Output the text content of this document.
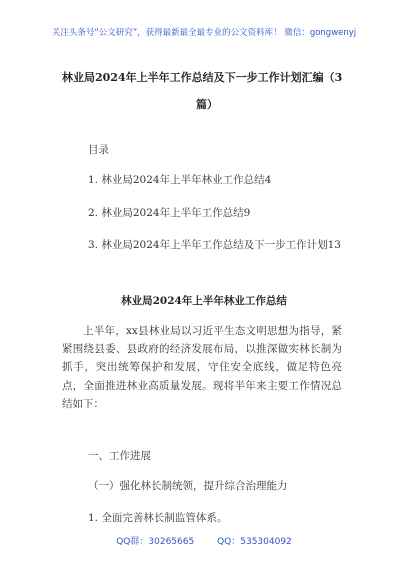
关注头条号“公文研究”，获得最新最全最专业的公文资料库！ 微信：gongwenyj
林业局2024年上半年工作总结及下一步工作计划汇编（3
篇）
目录
1. 林业局2024年上半年林业工作总结4
2. 林业局2024年上半年工作总结9
3. 林业局2024年上半年工作总结及下一步工作计划13
林业局2024年上半年林业工作总结

上半年，xx县林业局以习近平生态文明思想为指导，紧紧围绕县委、县政府的经济发展布局，以推深做实林长制为抓手，突出统筹保护和发展，守住安全底线，做足特色亮点，全面推进林业高质量发展。现将半年来主要工作情况总结如下：

一、工作进展
（一）强化林长制统领，提升综合治理能力
1. 全面完善林长制监管体系。
QQ群：30265665	QQ：535304092
